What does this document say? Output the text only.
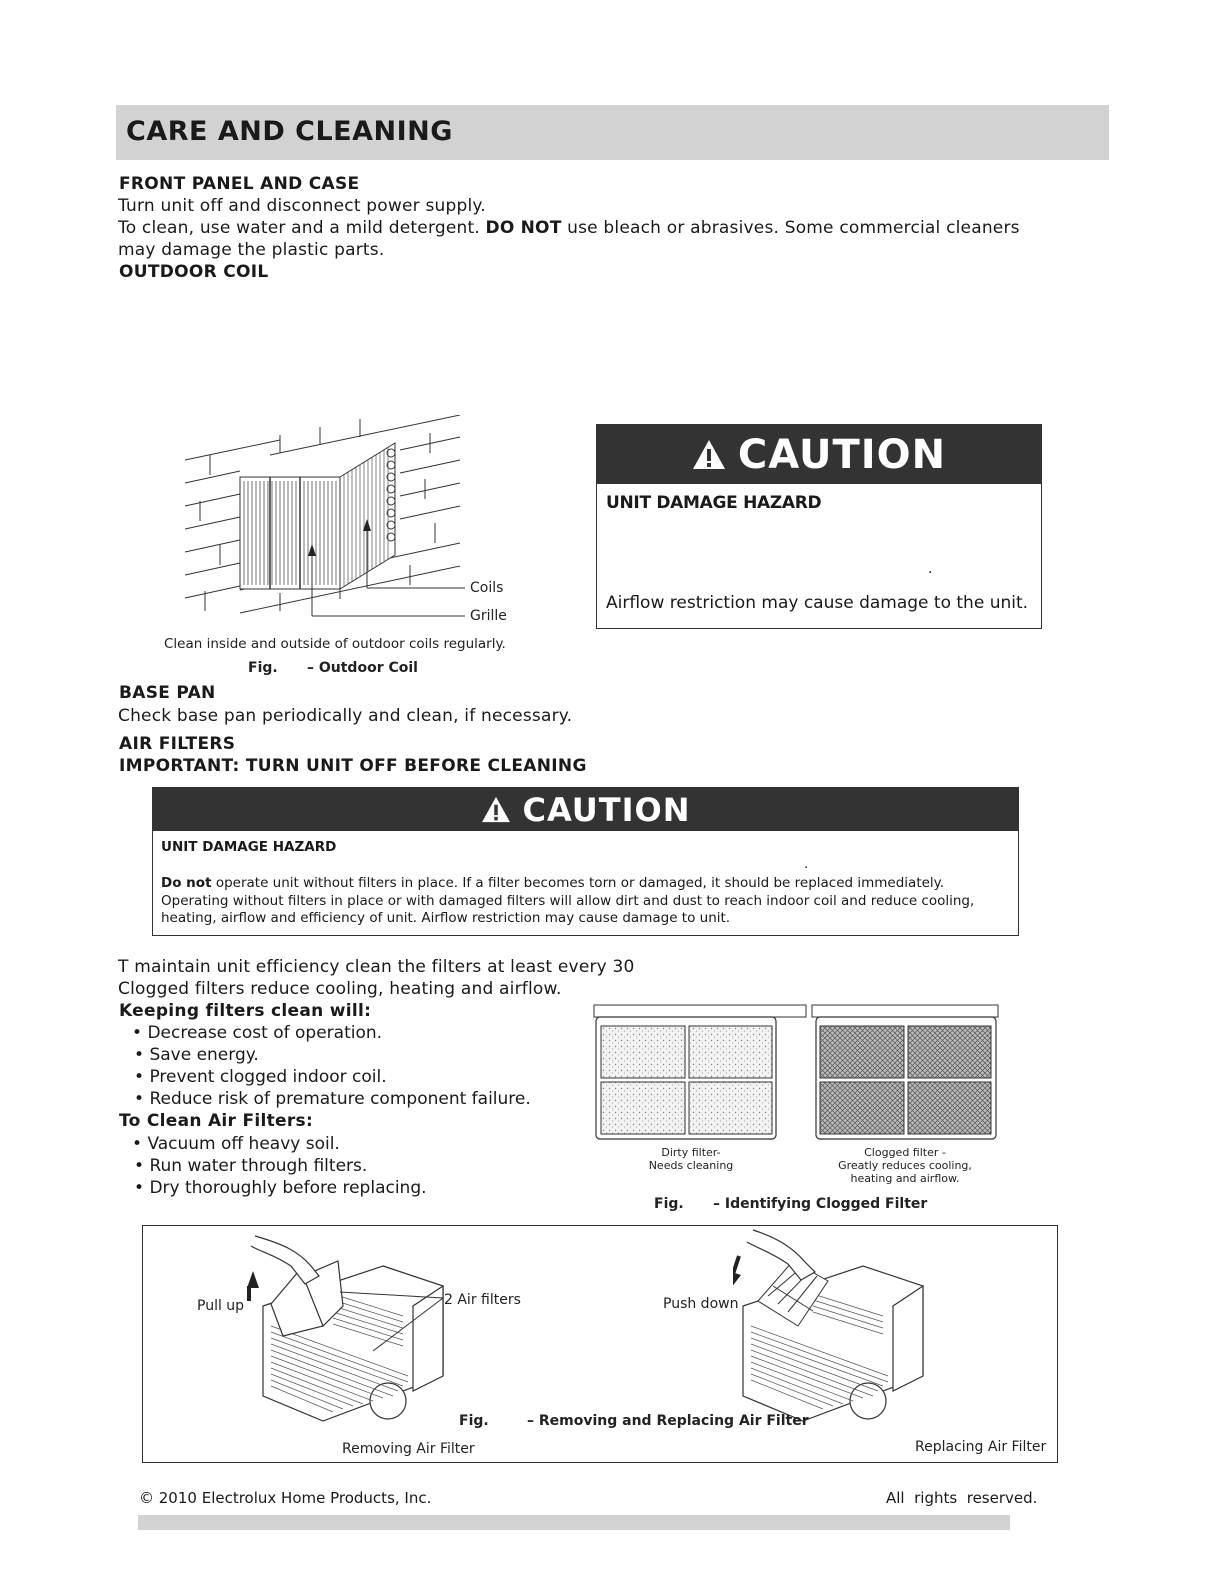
CARE AND CLEANING
FRONT PANEL AND CASE
Turn unit off and disconnect power supply.
To clean, use water and a mild detergent. DO NOT use bleach or abrasives. Some commercial cleaners
may damage the plastic parts.
OUTDOOR COIL
Coils
Grille
Clean inside and outside of outdoor coils regularly.
Fig. – Outdoor Coil
CAUTION
UNIT DAMAGE HAZARD
.
Airflow restriction may cause damage to the unit.
BASE PAN
Check base pan periodically and clean, if necessary.
AIR FILTERS
IMPORTANT: TURN UNIT OFF BEFORE CLEANING
CAUTION
UNIT DAMAGE HAZARD
.
Do not operate unit without filters in place. If a filter becomes torn or damaged, it should be replaced immediately.
Operating without filters in place or with damaged filters will allow dirt and dust to reach indoor coil and reduce cooling,
heating, airflow and efficiency of unit. Airflow restriction may cause damage to unit.
T maintain unit efficiency clean the filters at least every 30
Clogged filters reduce cooling, heating and airflow.
Keeping filters clean will:
• Decrease cost of operation.
• Save energy.
• Prevent clogged indoor coil.
• Reduce risk of premature component failure.
To Clean Air Filters:
• Vacuum off heavy soil.
• Run water through filters.
• Dry thoroughly before replacing.
Dirty filter-
Needs cleaning
Clogged filter -
Greatly reduces cooling,
heating and airflow.
Fig. – Identifying Clogged Filter
Pull up	2 Air filters
Removing Air Filter
Push down
Replacing Air Filter
Fig.	– Removing and Replacing Air Filter
© 2010 Electrolux Home Products, Inc.	All  rights  reserved.
